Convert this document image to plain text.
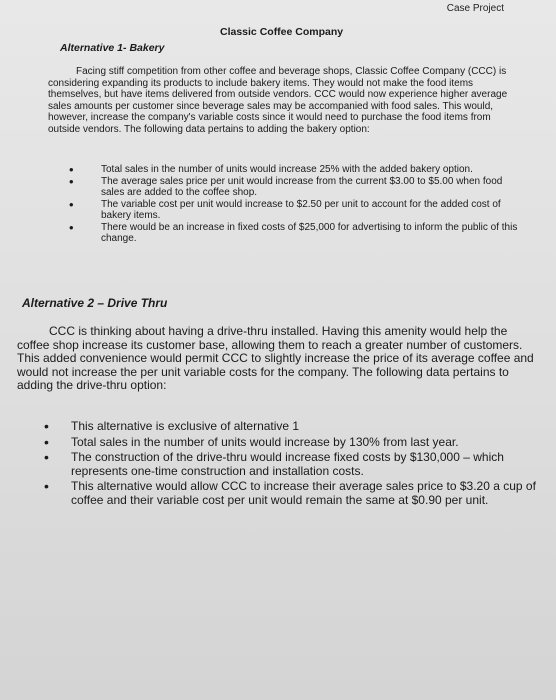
Case Project
Classic Coffee Company
Alternative 1- Bakery

Facing stiff competition from other coffee and beverage shops, Classic Coffee Company (CCC) is considering expanding its products to include bakery items. They would not make the food items themselves, but have items delivered from outside vendors. CCC would now experience higher average sales amounts per customer since beverage sales may be accompanied with food sales. This would, however, increase the company's variable costs since it would need to purchase the food items from outside vendors. The following data pertains to adding the bakery option:

•	Total sales in the number of units would increase 25% with the added bakery option.
•	The average sales price per unit would increase from the current $3.00 to $5.00 when food sales are added to the coffee shop.
•	The variable cost per unit would increase to $2.50 per unit to account for the added cost of bakery items.
•	There would be an increase in fixed costs of $25,000 for advertising to inform the public of this change.
Alternative 2 – Drive Thru

CCC is thinking about having a drive-thru installed. Having this amenity would help the coffee shop increase its customer base, allowing them to reach a greater number of customers. This added convenience would permit CCC to slightly increase the price of its average coffee and would not increase the per unit variable costs for the company. The following data pertains to adding the drive-thru option:

• This alternative is exclusive of alternative 1
• Total sales in the number of units would increase by 130% from last year.
• The construction of the drive-thru would increase fixed costs by $130,000 – which represents one-time construction and installation costs.
• This alternative would allow CCC to increase their average sales price to $3.20 a cup of coffee and their variable cost per unit would remain the same at $0.90 per unit.
